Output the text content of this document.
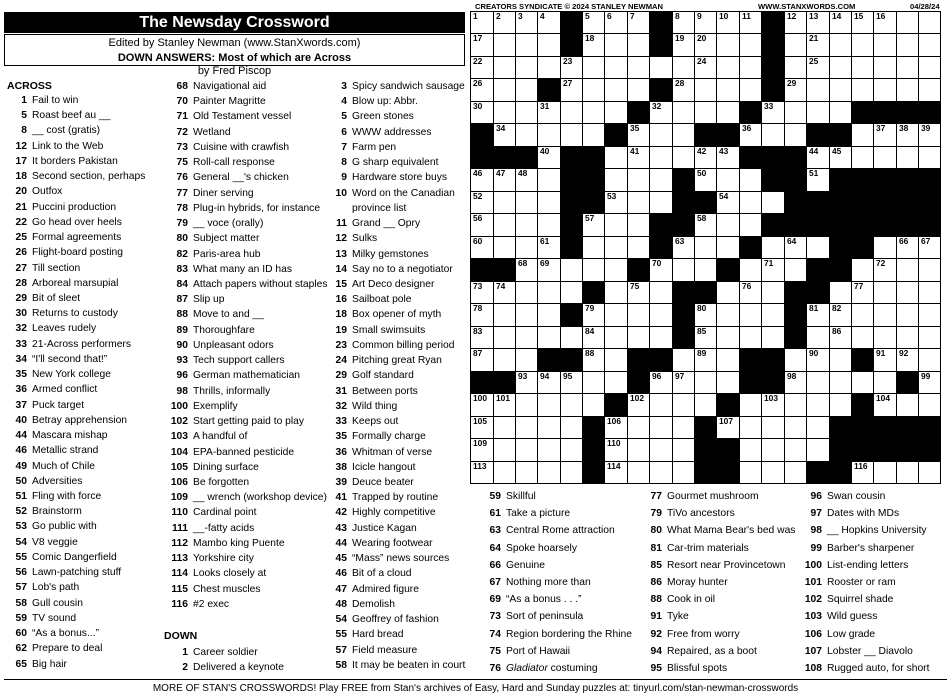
CREATORS SYNDICATE © 2024 STANLEY NEWMAN	WWW.STANXWORDS.COM	04/28/24
The Newsday Crossword
Edited by Stanley Newman (www.StanXwords.com)
DOWN ANSWERS: Most of which are Across
by Fred Piscop
ACROSS
1 Fail to win
5 Roast beef au __
8 __ cost (gratis)
12 Link to the Web
17 It borders Pakistan
18 Second section, perhaps
20 Outfox
21 Puccini production
22 Go head over heels
25 Formal agreements
26 Flight-board posting
27 Till section
28 Arboreal marsupial
29 Bit of sleet
30 Returns to custody
32 Leaves rudely
33 21-Across performers
34 “I'll second that!”
35 New York college
36 Armed conflict
37 Puck target
40 Betray apprehension
44 Mascara mishap
46 Metallic strand
49 Much of Chile
50 Adversities
51 Fling with force
52 Brainstorm
53 Go public with
54 V8 veggie
55 Comic Dangerfield
56 Lawn-patching stuff
57 Lob's path
58 Gull cousin
59 TV sound
60 “As a bonus...”
62 Prepare to deal
65 Big hair
68 Navigational aid
70 Painter Magritte
71 Old Testament vessel
72 Wetland
73 Cuisine with crawfish
75 Roll-call response
76 General __'s chicken
77 Diner serving
78 Plug-in hybrids, for instance
79 __ voce (orally)
80 Subject matter
82 Paris-area hub
83 What many an ID has
84 Attach papers without staples
87 Slip up
88 Move to and __
89 Thoroughfare
90 Unpleasant odors
93 Tech support callers
96 German mathematician
98 Thrills, informally
100 Exemplify
102 Start getting paid to play
103 A handful of
104 EPA-banned pesticide
105 Dining surface
106 Be forgotten
109 __ wrench (workshop device)
110 Cardinal point
111 __-fatty acids
112 Mambo king Puente
113 Yorkshire city
114 Looks closely at
115 Chest muscles
116 #2 exec
DOWN
1 Career soldier
2 Delivered a keynote
3 Spicy sandwich sausage
4 Blow up: Abbr.
5 Green stones
6 WWW addresses
7 Farm pen
8 G sharp equivalent
9 Hardware store buys
10 Word on the Canadian
province list
11 Grand __ Opry
12 Sulks
13 Milky gemstones
14 Say no to a negotiator
15 Art Deco designer
16 Sailboat pole
18 Box opener of myth
19 Small swimsuits
23 Common billing period
24 Pitching great Ryan
29 Golf standard
31 Between ports
32 Wild thing
33 Keeps out
35 Formally charge
36 Whitman of verse
38 Icicle hangout
39 Deuce beater
41 Trapped by routine
42 Highly competitive
43 Justice Kagan
44 Wearing footwear
45 “Mass” news sources
46 Bit of a cloud
47 Admired figure
48 Demolish
54 Geoffrey of fashion
55 Hard bread
57 Field measure
58 It may be beaten in court
59 Skillful
61 Take a picture
63 Central Rome attraction
64 Spoke hoarsely
66 Genuine
67 Nothing more than
69 “As a bonus . . .”
73 Sort of peninsula
74 Region bordering the Rhine
75 Port of Hawaii
76 Gladiator costuming
77 Gourmet mushroom
79 TiVo ancestors
80 What Mama Bear's bed was
81 Car-trim materials
85 Resort near Provincetown
86 Moray hunter
88 Cook in oil
91 Tyke
92 Free from worry
94 Repaired, as a boot
95 Blissful spots
96 Swan cousin
97 Dates with MDs
98 __ Hopkins University
99 Barber's sharpener
100 List-ending letters
101 Rooster or ram
102 Squirrel shade
103 Wild guess
106 Low grade
107 Lobster __ Diavolo
108 Rugged auto, for short
1 2 3 4	5 6 7	8 9 10 11	12 13 14 15 16
17	18	19 20	21
22	23	24	25
26	27	28	29
30	31	32	33
34	35	36	37 38 39
40	41	42 43	44 45
46 47 48	50	51
52	53	54
56	57	58
60	61	63	64	66 67
68 69	70	71	72
73 74	75	76	77
78	79	80	81 82
83	84	85	86
87	88	89	90	91 92
93 94 95	96 97	98	99
100 101	102	103	104
105	106	107
109	110
113	114	116
MORE OF STAN'S CROSSWORDS! Play FREE from Stan's archives of Easy, Hard and Sunday puzzles at: tinyurl.com/stan-newman-crosswords
